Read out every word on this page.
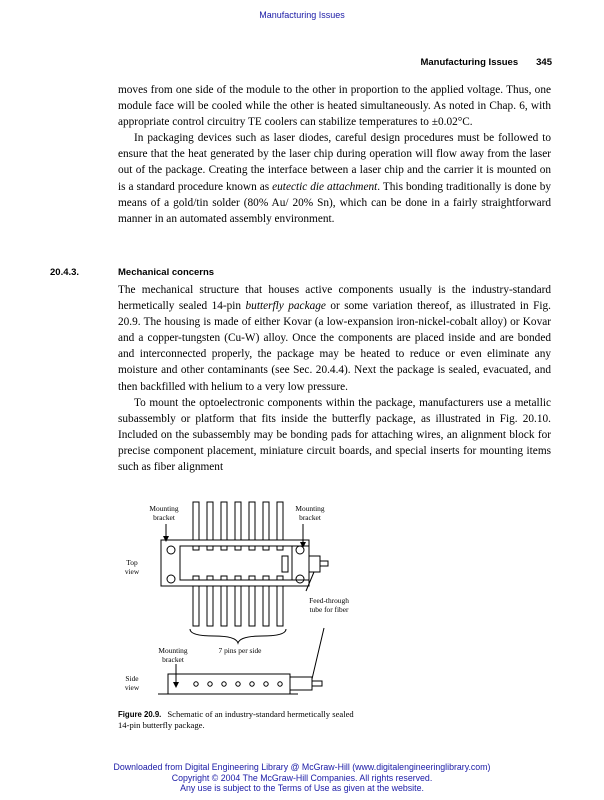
Manufacturing Issues
Manufacturing Issues 345

moves from one side of the module to the other in proportion to the applied voltage. Thus, one module face will be cooled while the other is heated simultaneously. As noted in Chap. 6, with appropriate control circuitry TE coolers can stabilize temperatures to ±0.02°C.

In packaging devices such as laser diodes, careful design procedures must be followed to ensure that the heat generated by the laser chip during operation will flow away from the laser out of the package. Creating the interface between a laser chip and the carrier it is mounted on is a standard procedure known as eutectic die attachment. This bonding traditionally is done by means of a gold/tin solder (80% Au/ 20% Sn), which can be done in a fairly straightforward manner in an automated assembly environment.

20.4.3.	Mechanical concerns

The mechanical structure that houses active components usually is the industry-standard hermetically sealed 14-pin butterfly package or some variation thereof, as illustrated in Fig. 20.9. The housing is made of either Kovar (a low-expansion iron-nickel-cobalt alloy) or Kovar and a copper-tungsten (Cu-W) alloy. Once the components are placed inside and are bonded and interconnected properly, the package may be heated to reduce or even eliminate any moisture and other contaminants (see Sec. 20.4.4). Next the package is sealed, evacuated, and then backfilled with helium to a very low pressure.

To mount the optoelectronic components within the package, manufacturers use a metallic subassembly or platform that fits inside the butterfly package, as illustrated in Fig. 20.10. Included on the subassembly may be bonding pads for attaching wires, an alignment block for precise component placement, miniature circuit boards, and special inserts for mounting items such as fiber alignment

Mounting
bracket
Mounting
bracket
Top
view
Feed-through
tube for fiber
Mounting
bracket
7 pins per side
Side
view
Figure 20.9. Schematic of an industry-standard hermetically sealed 14-pin butterfly package.
Downloaded from Digital Engineering Library @ McGraw-Hill (www.digitalengineeringlibrary.com)
Copyright © 2004 The McGraw-Hill Companies. All rights reserved.
Any use is subject to the Terms of Use as given at the website.
